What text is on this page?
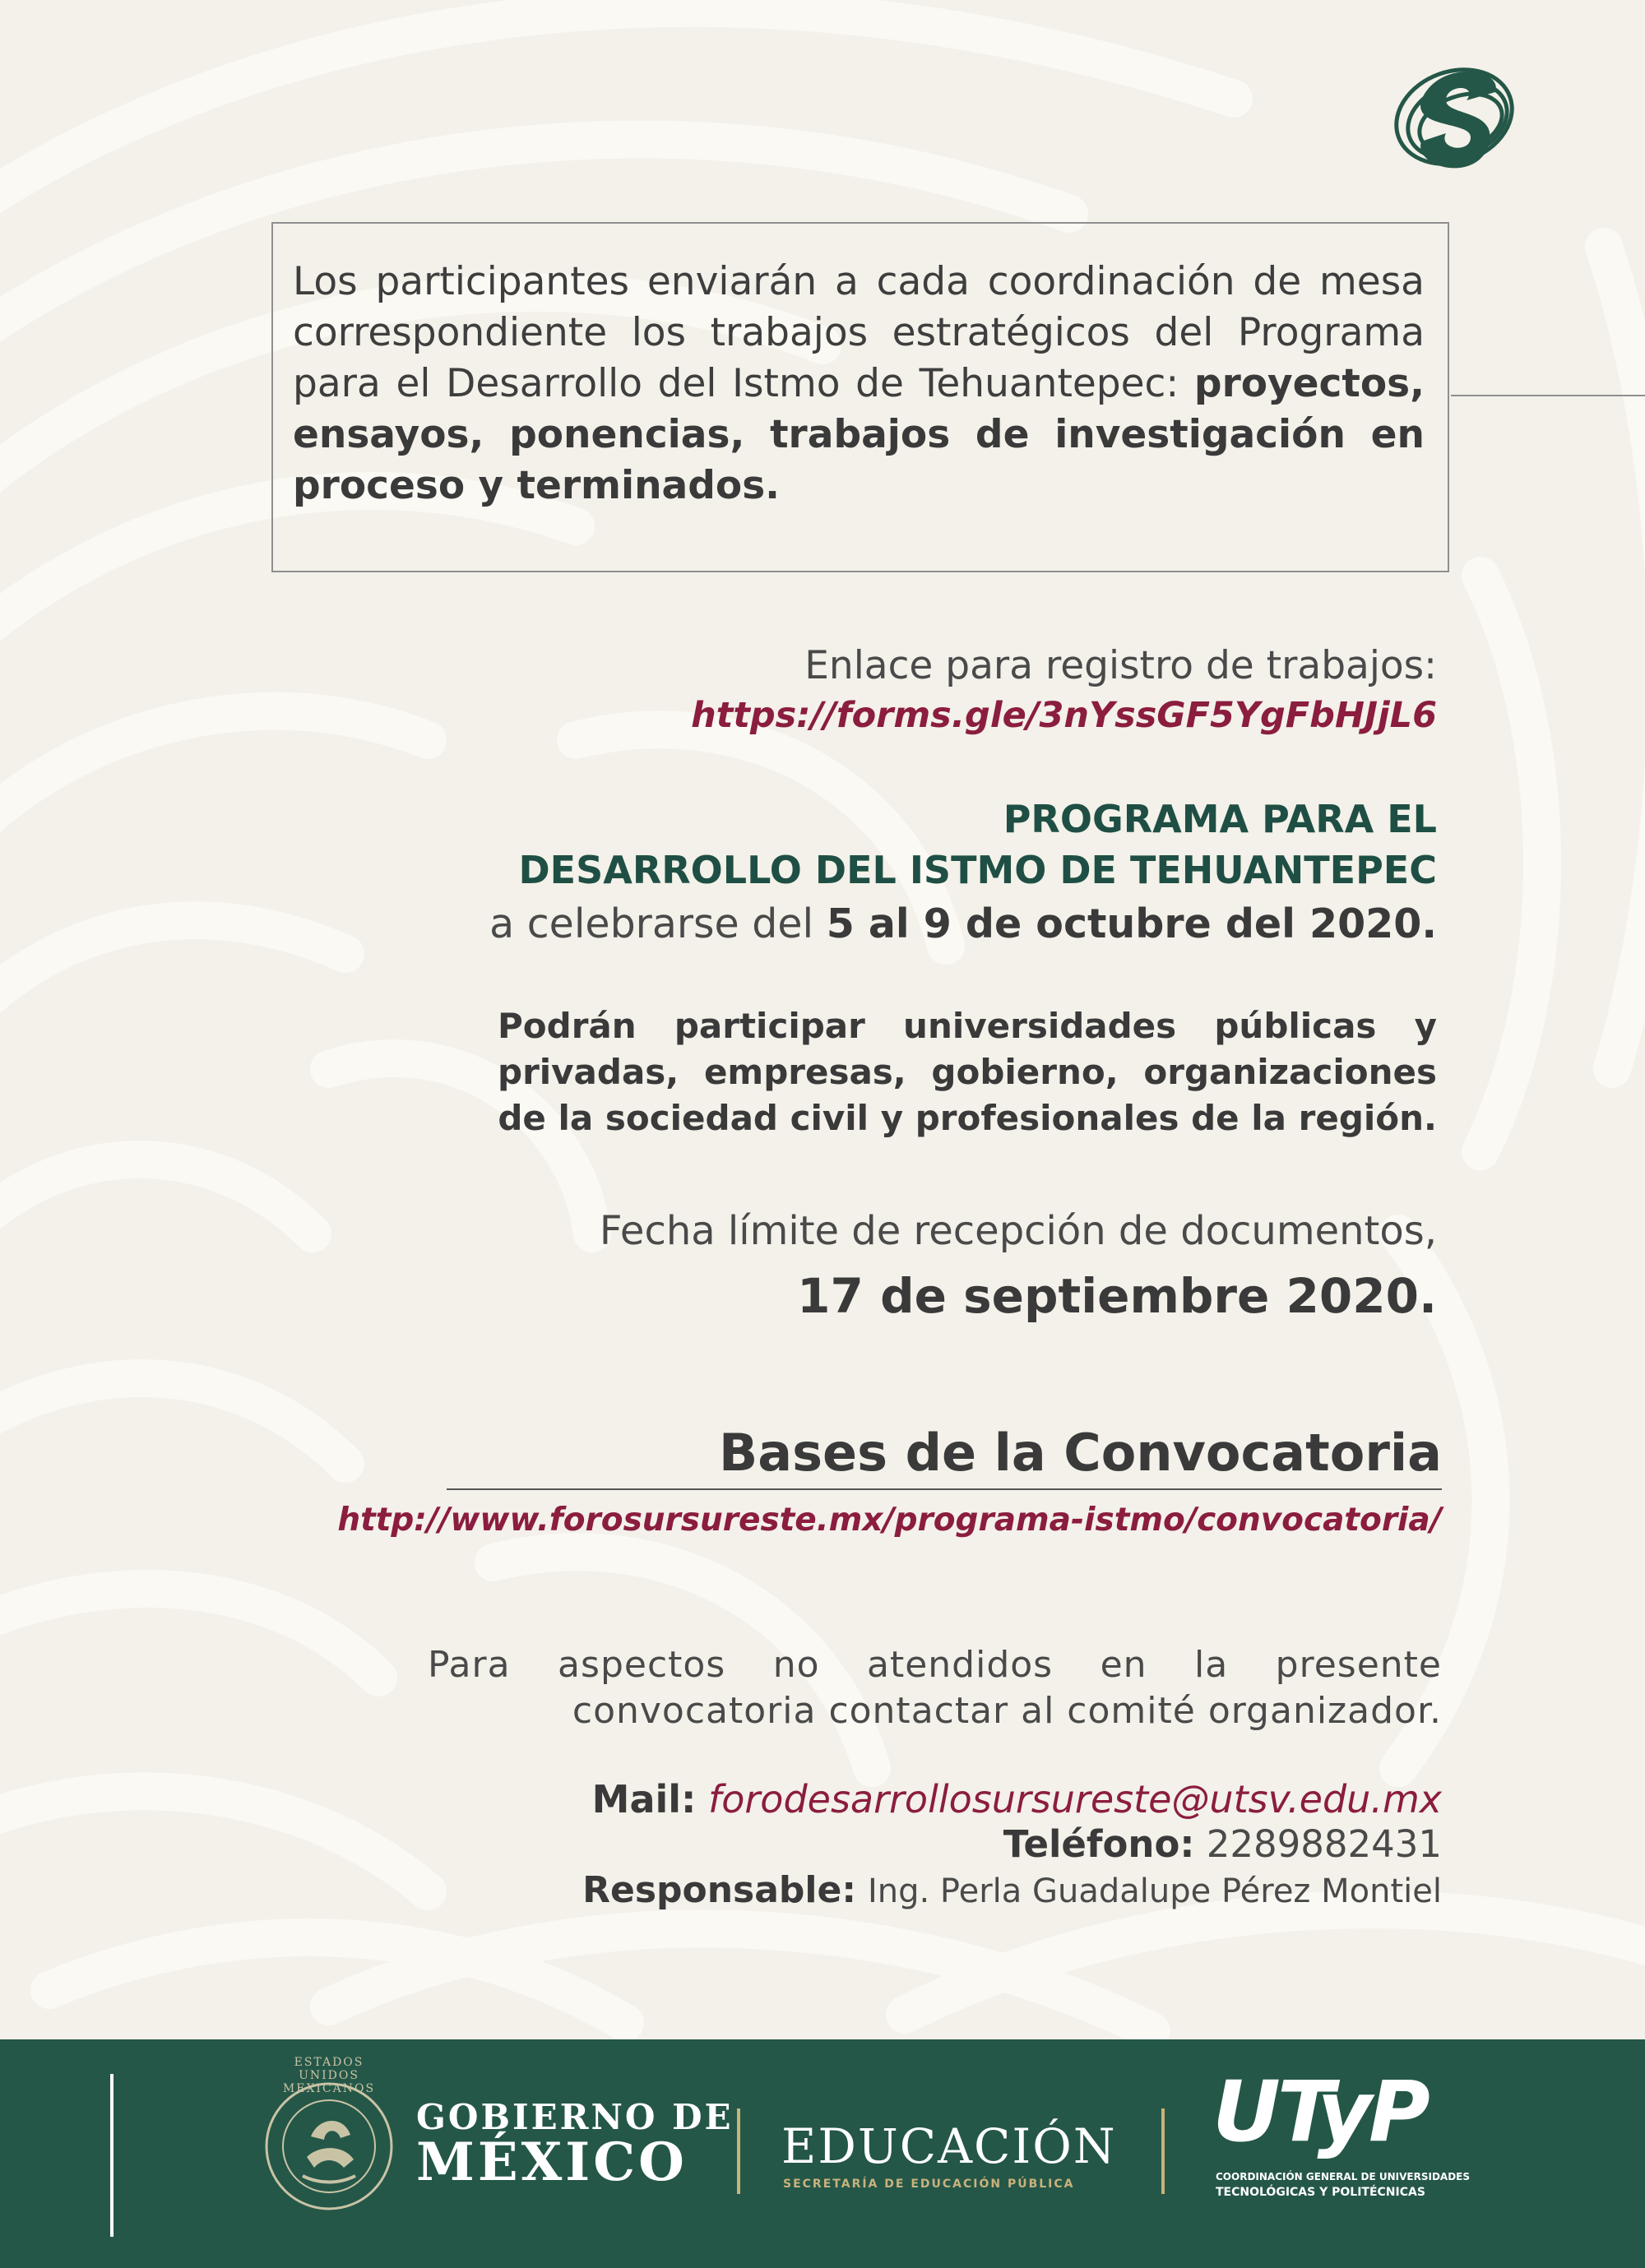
Los participantes enviarán a cada coordinación de mesa correspondiente los trabajos estratégicos del Programa para el Desarrollo del Istmo de Tehuantepec: proyectos, ensayos, ponencias, trabajos de investigación en proceso y terminados.

Enlace para registro de trabajos:
https://forms.gle/3nYssGF5YgFbHJjL6
PROGRAMA PARA EL
DESARROLLO DEL ISTMO DE TEHUANTEPEC
a celebrarse del 5 al 9 de octubre del 2020.

Podrán participar universidades públicas y privadas, empresas, gobierno, organizaciones de la sociedad civil y profesionales de la región.

Fecha límite de recepción de documentos,
17 de septiembre 2020.
Bases de la Convocatoria
http://www.forosursureste.mx/programa-istmo/convocatoria/

Para aspectos no atendidos en la presente convocatoria contactar al comité organizador.

Mail: forodesarrollosursureste@utsv.edu.mx
Teléfono: 2289882431
Responsable: Ing. Perla Guadalupe Pérez Montiel
ESTADOS UNIDOS MEXICANOS
GOBIERNO DE
MÉXICO EDUCACIÓN
SECRETARÍA DE EDUCACIÓN PÚBLICA
UTyP
COORDINACIÓN GENERAL DE UNIVERSIDADES
TECNOLÓGICAS Y POLITÉCNICAS
